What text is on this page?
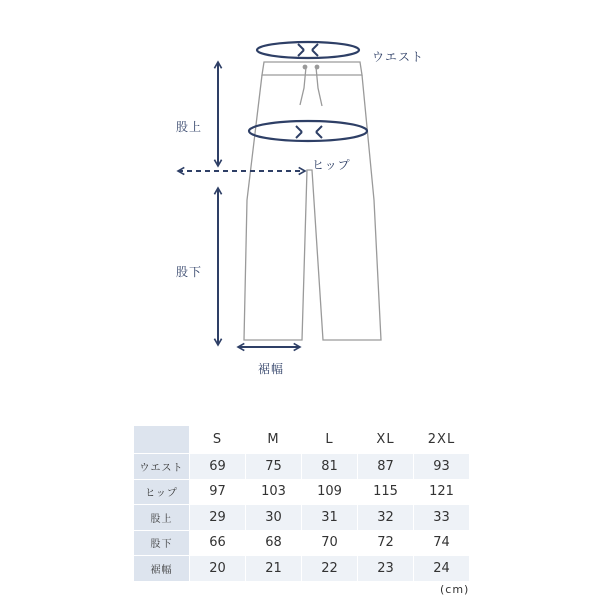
ウエスト
ヒップ
股上
股下
裾幅
	S	M	L	XL	2XL
ウエスト	69	75	81	87	93
ヒップ	97	103	109	115	121
股上	29	30	31	32	33
股下	66	68	70	72	74
裾幅	20	21	22	23	24
(cm)
